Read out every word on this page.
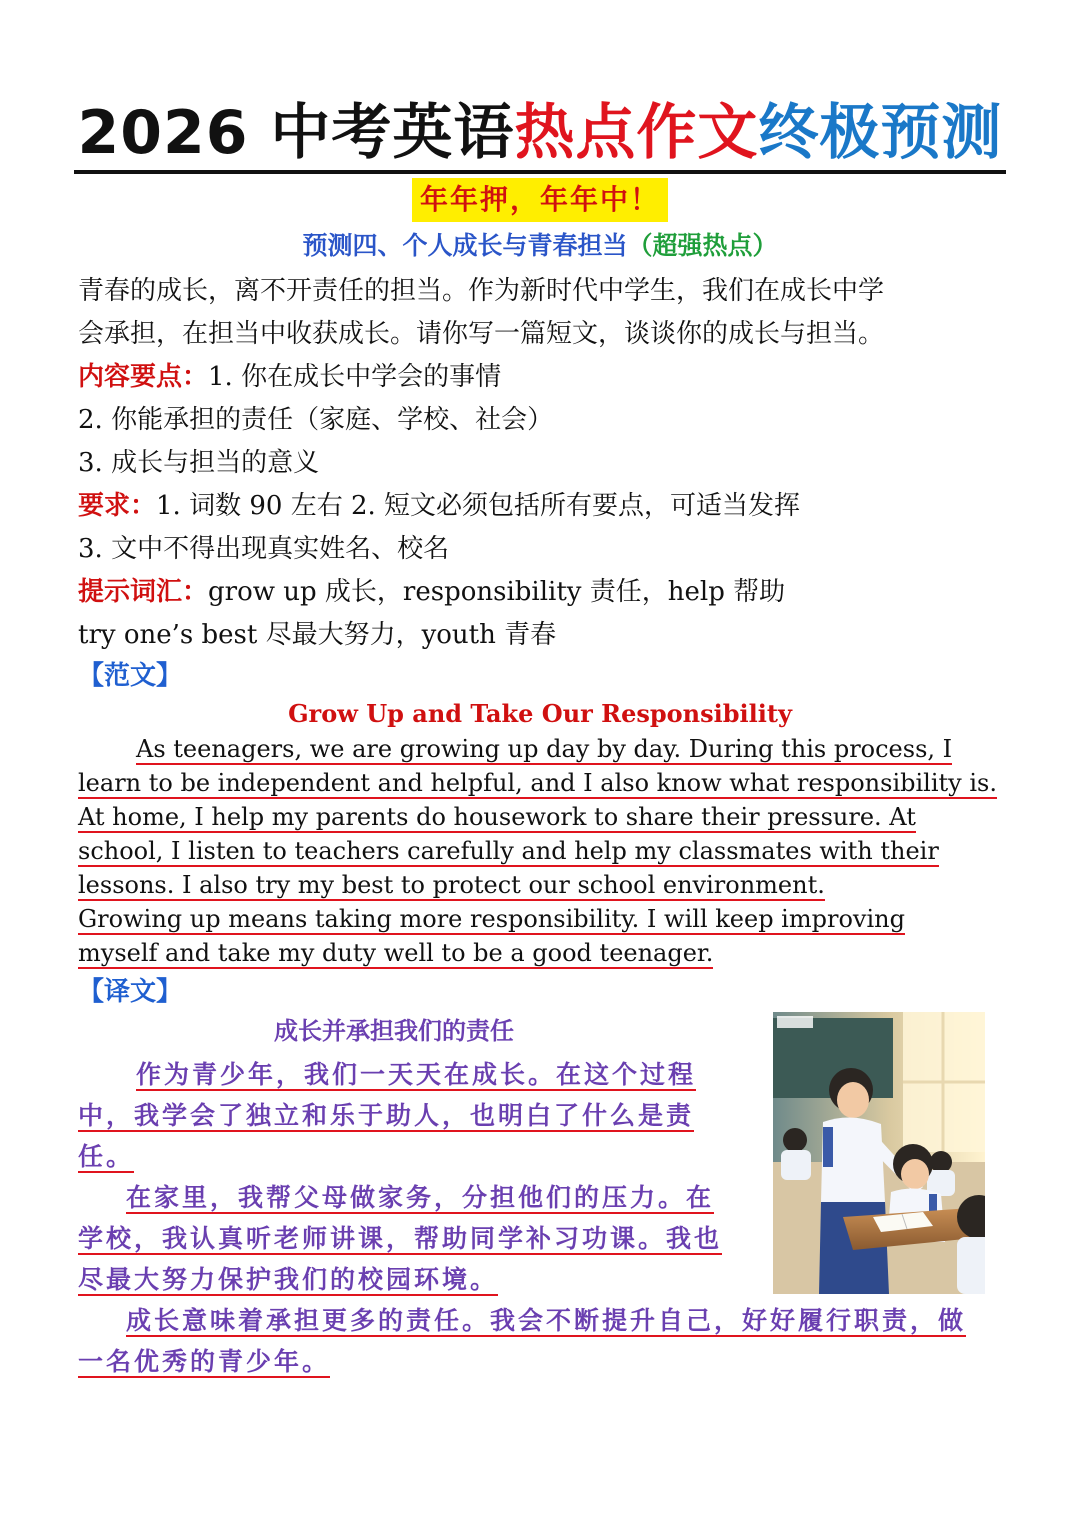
2026 中考英语热点作文终极预测
年年押，年年中！
预测四、个人成长与青春担当（超强热点）
青春的成长，离不开责任的担当。作为新时代中学生，我们在成长中学
会承担，在担当中收获成长。请你写一篇短文，谈谈你的成长与担当。
内容要点：1. 你在成长中学会的事情
2. 你能承担的责任（家庭、学校、社会）
3. 成长与担当的意义
要求：1. 词数 90 左右 2. 短文必须包括所有要点，可适当发挥
3. 文中不得出现真实姓名、校名
提示词汇：grow up 成长，responsibility 责任，help 帮助
try one’s best 尽最大努力，youth 青春
【范文】
Grow Up and Take Our Responsibility
As teenagers, we are growing up day by day. During this process, I
learn to be independent and helpful, and I also know what responsibility is.
At home, I help my parents do housework to share their pressure. At
school, I listen to teachers carefully and help my classmates with their
lessons. I also try my best to protect our school environment.
Growing up means taking more responsibility. I will keep improving
myself and take my duty well to be a good teenager.
【译文】
成长并承担我们的责任
作为青少年，我们一天天在成长。在这个过程
中，我学会了独立和乐于助人，也明白了什么是责
任。
在家里，我帮父母做家务，分担他们的压力。在
学校，我认真听老师讲课，帮助同学补习功课。我也
尽最大努力保护我们的校园环境。
成长意味着承担更多的责任。我会不断提升自己，好好履行职责，做
一名优秀的青少年。
